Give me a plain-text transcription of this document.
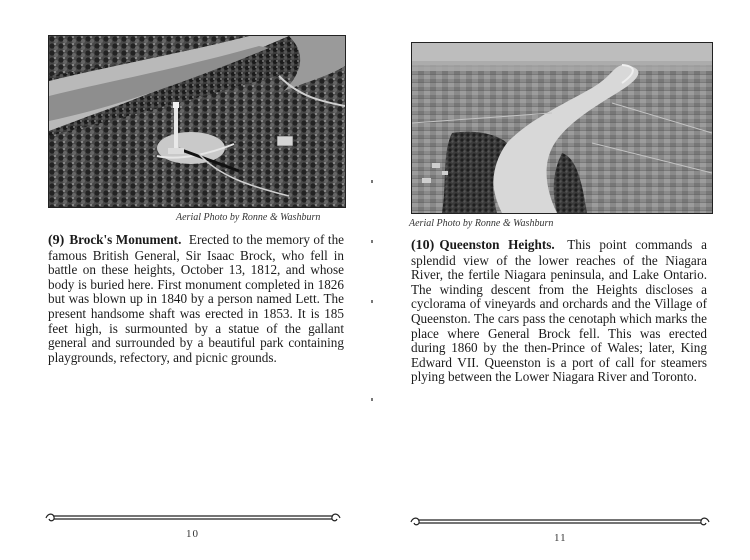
Aerial Photo by Ronne & Washburn
(9) Brock's Monument. Erected to the memory of the famous British General, Sir Isaac Brock, who fell in battle on these heights, October 13, 1812, and whose body is buried here. First monument completed in 1826 but was blown up in 1840 by a person named Lett. The present handsome shaft was erected in 1853. It is 185 feet high, is surmounted by a statue of the gallant general and surrounded by a beautiful park containing playgrounds, refectory, and picnic grounds.
10
Aerial Photo by Ronne & Washburn
(10) Queenston Heights. This point commands a splendid view of the lower reaches of the Niagara River, the fertile Niagara peninsula, and Lake Ontario. The winding descent from the Heights discloses a cyclorama of vineyards and orchards and the Village of Queenston. The cars pass the cenotaph which marks the place where General Brock fell. This was erected during 1860 by the then-Prince of Wales; later, King Edward VII. Queenston is a port of call for steamers plying between the Lower Niagara River and Toronto.
11
